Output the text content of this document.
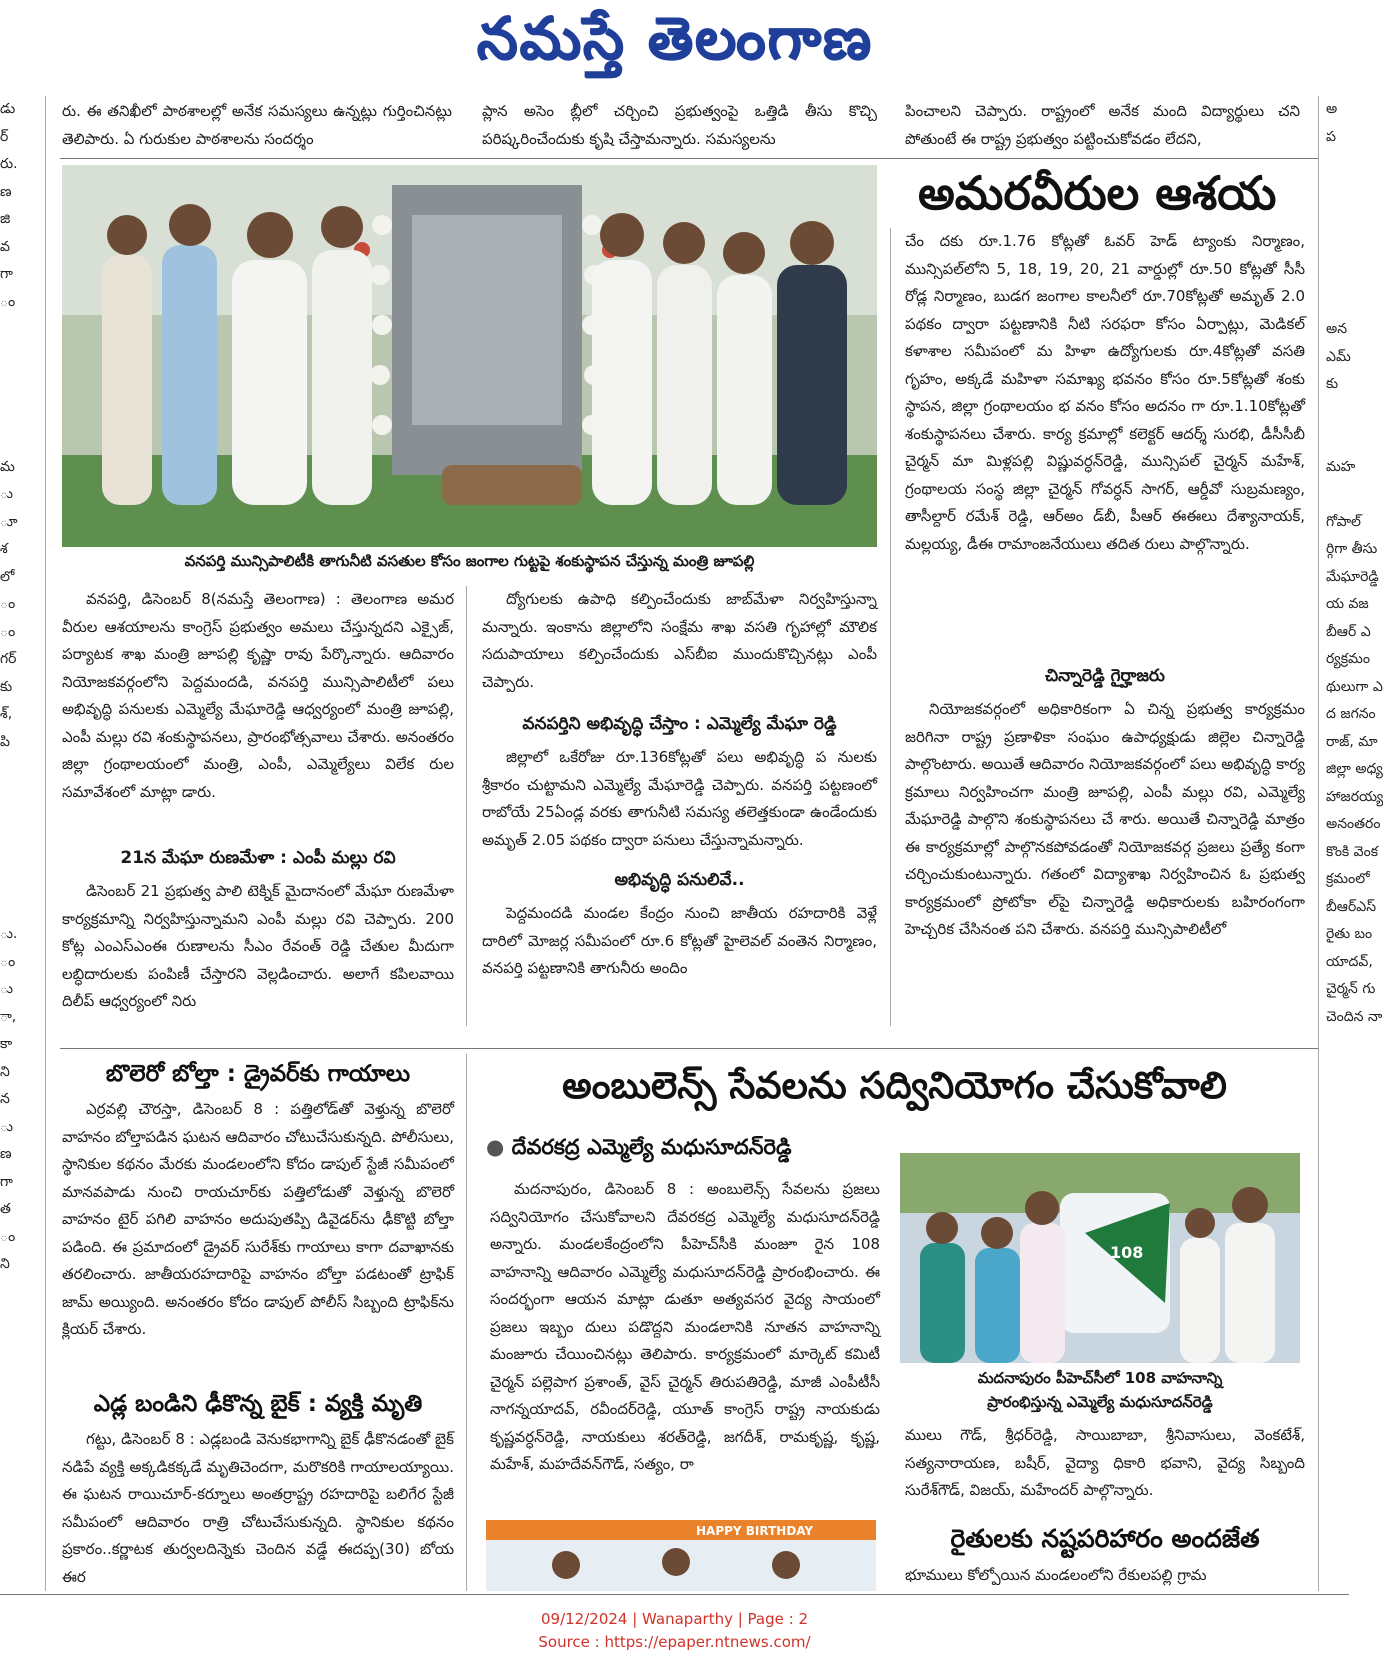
నమస్తే తెలంగాణ
డు
ర్
రు.
ణ
జి
వ
గా
ం
మ
ు
ూ
శ
లో
ం
ం
గర్
కు
శ్,
పి
ు.
ం
ు
ా,
కా
ని
న
ు
ణ
గా
త
ం
ని
అ
ప
అన
ఎమ్
కు
మహ
గోపాల్
ర్గిగా తీసు
మేఘారెడ్డి
య వజ
బీఆర్ ఎ
ర్యక్రమం
థులుగా ఎ
ద జగనం
రాజ్, మా
జిల్లా అధ్య
హాజరయ్య
అనంతరం
కొంకి వెంక
క్రమంలో
బీఆర్‌ఎస్
రైతు బం
యాదవ్,
చైర్మన్ గు
చెందిన నా
రు. ఈ తనిఖీలో పాఠశాలల్లో అనేక సమస్యలు ఉన్నట్లు గుర్తించినట్లు తెలిపారు. ఏ గురుకుల పాఠశాలను సందర్శం
ప్లాన అసెం బ్లీలో చర్చించి ప్రభుత్వంపై ఒత్తిడి తీసు కొచ్చి పరిష్కరించేందుకు కృషి చేస్తామన్నారు. సమస్యలను
పించాలని చెప్పారు. రాష్ట్రంలో అనేక మంది విద్యార్థులు చని పోతుంటే ఈ రాష్ట్ర ప్రభుత్వం పట్టించుకోవడం లేదని,
అమరవీరుల ఆశయ
వనపర్తి మున్సిపాలిటీకి తాగునీటి వసతుల కోసం జంగాల గుట్టపై శంకుస్థాపన చేస్తున్న మంత్రి జూపల్లి

వనపర్తి, డిసెంబర్ 8(నమస్తే తెలంగాణ) : తెలంగాణ అమర వీరుల ఆశయాలను కాంగ్రెస్ ప్రభుత్వం అమలు చేస్తున్నదని ఎక్సైజ్, పర్యాటక శాఖ మంత్రి జూపల్లి కృష్ణా రావు పేర్కొన్నారు. ఆదివారం నియోజకవర్గంలోని పెద్దమందడి, వనపర్తి మున్సిపాలిటీలో పలు అభివృద్ధి పనులకు ఎమ్మెల్యే మేఘారెడ్డి ఆధ్వర్యంలో మంత్రి జూపల్లి, ఎంపీ మల్లు రవి శంకుస్థాపనలు, ప్రారంభోత్సవాలు చేశారు. అనంతరం జిల్లా గ్రంథాలయంలో మంత్రి, ఎంపీ, ఎమ్మెల్యేలు విలేక రుల సమావేశంలో మాట్లా డారు.

21న మేఘా రుణమేళా : ఎంపీ మల్లు రవి

డిసెంబర్ 21 ప్రభుత్వ పాలి టెక్నిక్ మైదానంలో మేఘా రుణమేళా కార్యక్రమాన్ని నిర్వహిస్తున్నామని ఎంపీ మల్లు రవి చెప్పారు. 200 కోట్ల ఎంఎస్ఎంఈ రుణాలను సీఎం రేవంత్ రెడ్డి చేతుల మీదుగా లబ్ధిదారులకు పంపిణీ చేస్తారని వెల్లడించారు. అలాగే కపిలవాయి దిలీప్ ఆధ్వర్యంలో నిరు

ద్యోగులకు ఉపాధి కల్పించేందుకు జాబ్‌మేళా నిర్వహిస్తున్నా మన్నారు. ఇంకాను జిల్లాలోని సంక్షేమ శాఖ వసతి గృహాల్లో మౌలిక సదుపాయాలు కల్పించేందుకు ఎస్‌బీఐ ముందుకొచ్చినట్లు ఎంపీ చెప్పారు.

వనపర్తిని అభివృద్ధి చేస్తాం : ఎమ్మెల్యే మేఘా రెడ్డి

జిల్లాలో ఒకేరోజు రూ.136కోట్లతో పలు అభివృద్ధి ప నులకు శ్రీకారం చుట్టామని ఎమ్మెల్యే మేఘారెడ్డి చెప్పారు. వనపర్తి పట్టణంలో రాబోయే 25ఏండ్ల వరకు తాగునీటి సమస్య తలెత్తకుండా ఉండేందుకు అమృత్ 2.05 పథకం ద్వారా పనులు చేస్తున్నామన్నారు.

అభివృద్ధి పనులివే..

పెద్దమందడి మండల కేంద్రం నుంచి జాతీయ రహదారికి వెళ్లే దారిలో మోజర్ల సమీపంలో రూ.6 కోట్లతో హైలెవల్ వంతెన నిర్మాణం, వనపర్తి పట్టణానికి తాగునీరు అందిం

చేం దకు రూ.1.76 కోట్లతో ఓవర్ హెడ్ ట్యాంకు నిర్మాణం, మున్సిపల్‌లోని 5, 18, 19, 20, 21 వార్డుల్లో రూ.50 కోట్లతో సీసీ రోడ్ల నిర్మాణం, బుడగ జంగాల కాలనీలో రూ.70కోట్లతో అమృత్ 2.0 పథకం ద్వారా పట్టణానికి నీటి సరఫరా కోసం ఏర్పాట్లు, మెడికల్ కళాశాల సమీపంలో మ హిళా ఉద్యోగులకు రూ.4కోట్లతో వసతి గృహం, అక్కడే మహిళా సమాఖ్య భవనం కోసం రూ.5కోట్లతో శంకు స్థాపన, జిల్లా గ్రంథాలయం భ వనం కోసం అదనం గా రూ.1.10కోట్లతో శంకుస్థాపనలు చేశారు. కార్య క్రమాల్లో కలెక్టర్ ఆదర్శ్ సురభి, డీసీసీబీ చైర్మన్ మా మిళ్లపల్లి విష్ణువర్ధన్‌రెడ్డి, మున్సిపల్ చైర్మన్ మహేశ్, గ్రంథాలయ సంస్థ జిల్లా చైర్మన్ గోవర్ధన్ సాగర్, ఆర్డీవో సుబ్రమణ్యం, తాసీల్దార్ రమేశ్ రెడ్డి, ఆర్‌అం డ్‌బీ, పీఆర్ ఈఈలు దేశ్యానాయక్, మల్లయ్య, డీఈ రామాంజనేయులు తదిత రులు పాల్గొన్నారు.

చిన్నారెడ్డి గైర్హాజరు

నియోజకవర్గంలో అధికారికంగా ఏ చిన్న ప్రభుత్వ కార్యక్రమం జరిగినా రాష్ట్ర ప్రణాళికా సంఘం ఉపాధ్యక్షుడు జిల్లెల చిన్నారెడ్డి పాల్గొంటారు. అయితే ఆదివారం నియోజకవర్గంలో పలు అభివృద్ధి కార్య క్రమాలు నిర్వహించగా మంత్రి జూపల్లి, ఎంపీ మల్లు రవి, ఎమ్మెల్యే మేఘారెడ్డి పాల్గొని శంకుస్థాపనలు చే శారు. అయితే చిన్నారెడ్డి మాత్రం ఈ కార్యక్రమాల్లో పాల్గొనకపోవడంతో నియోజకవర్గ ప్రజలు ప్రత్యే కంగా చర్చించుకుంటున్నారు. గతంలో విద్యాశాఖ నిర్వహించిన ఓ ప్రభుత్వ కార్యక్రమంలో ప్రోటోకా ల్‌పై చిన్నారెడ్డి అధికారులకు బహిరంగంగా హెచ్చరిక చేసినంత పని చేశారు. వనపర్తి మున్సిపాలిటీలో

బొలెరో బోల్తా : డ్రైవర్‌కు గాయాలు

ఎర్రవల్లి చౌరస్తా, డిసెంబర్ 8 : పత్తిలోడ్‌తో వెళ్తున్న బొలెరో వాహనం బోల్తాపడిన ఘటన ఆదివారం చోటుచేసుకున్నది. పోలీసులు, స్థానికుల కథనం మేరకు మండలంలోని కోదం డాపుల్ స్టేజీ సమీపంలో మానవపాడు నుంచి రాయచూర్‌కు పత్తిలోడుతో వెళ్తున్న బొలెరో వాహనం టైర్ పగిలి వాహనం అదుపుతప్పి డివైడర్‌ను ఢీకొట్టి బోల్తా పడింది. ఈ ప్రమాదంలో డ్రైవర్ సురేశ్‌కు గాయాలు కాగా దవాఖానకు తరలించారు. జాతీయరహదారిపై వాహనం బోల్తా పడటంతో ట్రాఫిక్ జామ్ అయ్యింది. అనంతరం కోదం డాపుల్ పోలీస్ సిబ్బంది ట్రాఫిక్‌ను క్లియర్ చేశారు.

ఎడ్ల బండిని ఢీకొన్న బైక్ : వ్యక్తి మృతి

గట్టు, డిసెంబర్ 8 : ఎడ్లబండి వెనుకభాగాన్ని బైక్ ఢీకొనడంతో బైక్ నడిపే వ్యక్తి అక్కడికక్కడే మృతిచెందగా, మరొకరికి గాయాలయ్యాయి. ఈ ఘటన రాయిచూర్-కర్నూలు అంతర్రాష్ట్ర రహదారిపై బలిగేర స్టేజీ సమీపంలో ఆదివారం రాత్రి చోటుచేసుకున్నది. స్థానికుల కథనం ప్రకారం..కర్ణాటక తుర్వలదిన్నెకు చెందిన వడ్డే ఈదప్ప(30) బోయ ఈర

అంబులెన్స్ సేవలను సద్వినియోగం చేసుకోవాలి
● దేవరకద్ర ఎమ్మెల్యే మధుసూదన్‌రెడ్డి

మదనాపురం, డిసెంబర్ 8 : అంబులెన్స్ సేవలను ప్రజలు సద్వినియోగం చేసుకోవాలని దేవరకద్ర ఎమ్మెల్యే మధుసూదన్‌రెడ్డి అన్నారు. మండలకేంద్రంలోని పీహెచ్‌సీకి మంజూ రైన 108 వాహనాన్ని ఆదివారం ఎమ్మెల్యే మధుసూదన్‌రెడ్డి ప్రారంభించారు. ఈ సందర్భంగా ఆయన మాట్లా డుతూ అత్యవసర వైద్య సాయంలో ప్రజలు ఇబ్బం దులు పడొద్దని మండలానికి నూతన వాహనాన్ని మంజూరు చేయించినట్లు తెలిపారు. కార్యక్రమంలో మార్కెట్ కమిటీ చైర్మన్ పల్లెపాగ ప్రశాంత్, వైస్ చైర్మన్ తిరుపతిరెడ్డి, మాజీ ఎంపీటీసీ నాగన్నయాదవ్, రవీందర్‌రెడ్డి, యూత్ కాంగ్రెస్ రాష్ట్ర నాయకుడు కృష్ణవర్ధన్‌రెడ్డి, నాయకులు శరత్‌రెడ్డి, జగదీశ్, రామకృష్ణ, కృష్ణ, మహేశ్, మహదేవన్‌గౌడ్, సత్యం, రా

108
మదనాపురం పీహెచ్‌సీలో 108 వాహనాన్ని
ప్రారంభిస్తున్న ఎమ్మెల్యే మధుసూదన్‌రెడ్డి

ములు గౌడ్, శ్రీధర్‌రెడ్డి, సాయిబాబా, శ్రీనివాసులు, వెంకటేశ్, సత్యనారాయణ, బషీర్, వైద్యా ధికారి భవాని, వైద్య సిబ్బంది సురేశ్‌గౌడ్, విజయ్, మహేందర్ పాల్గొన్నారు.

HAPPY BIRTHDAY	రైతులకు నష్టపరిహారం అందజేత

భూములు కోల్పోయిన మండలంలోని రేకులపల్లి గ్రామ

09/12/2024 | Wanaparthy | Page : 2
Source : https://epaper.ntnews.com/
